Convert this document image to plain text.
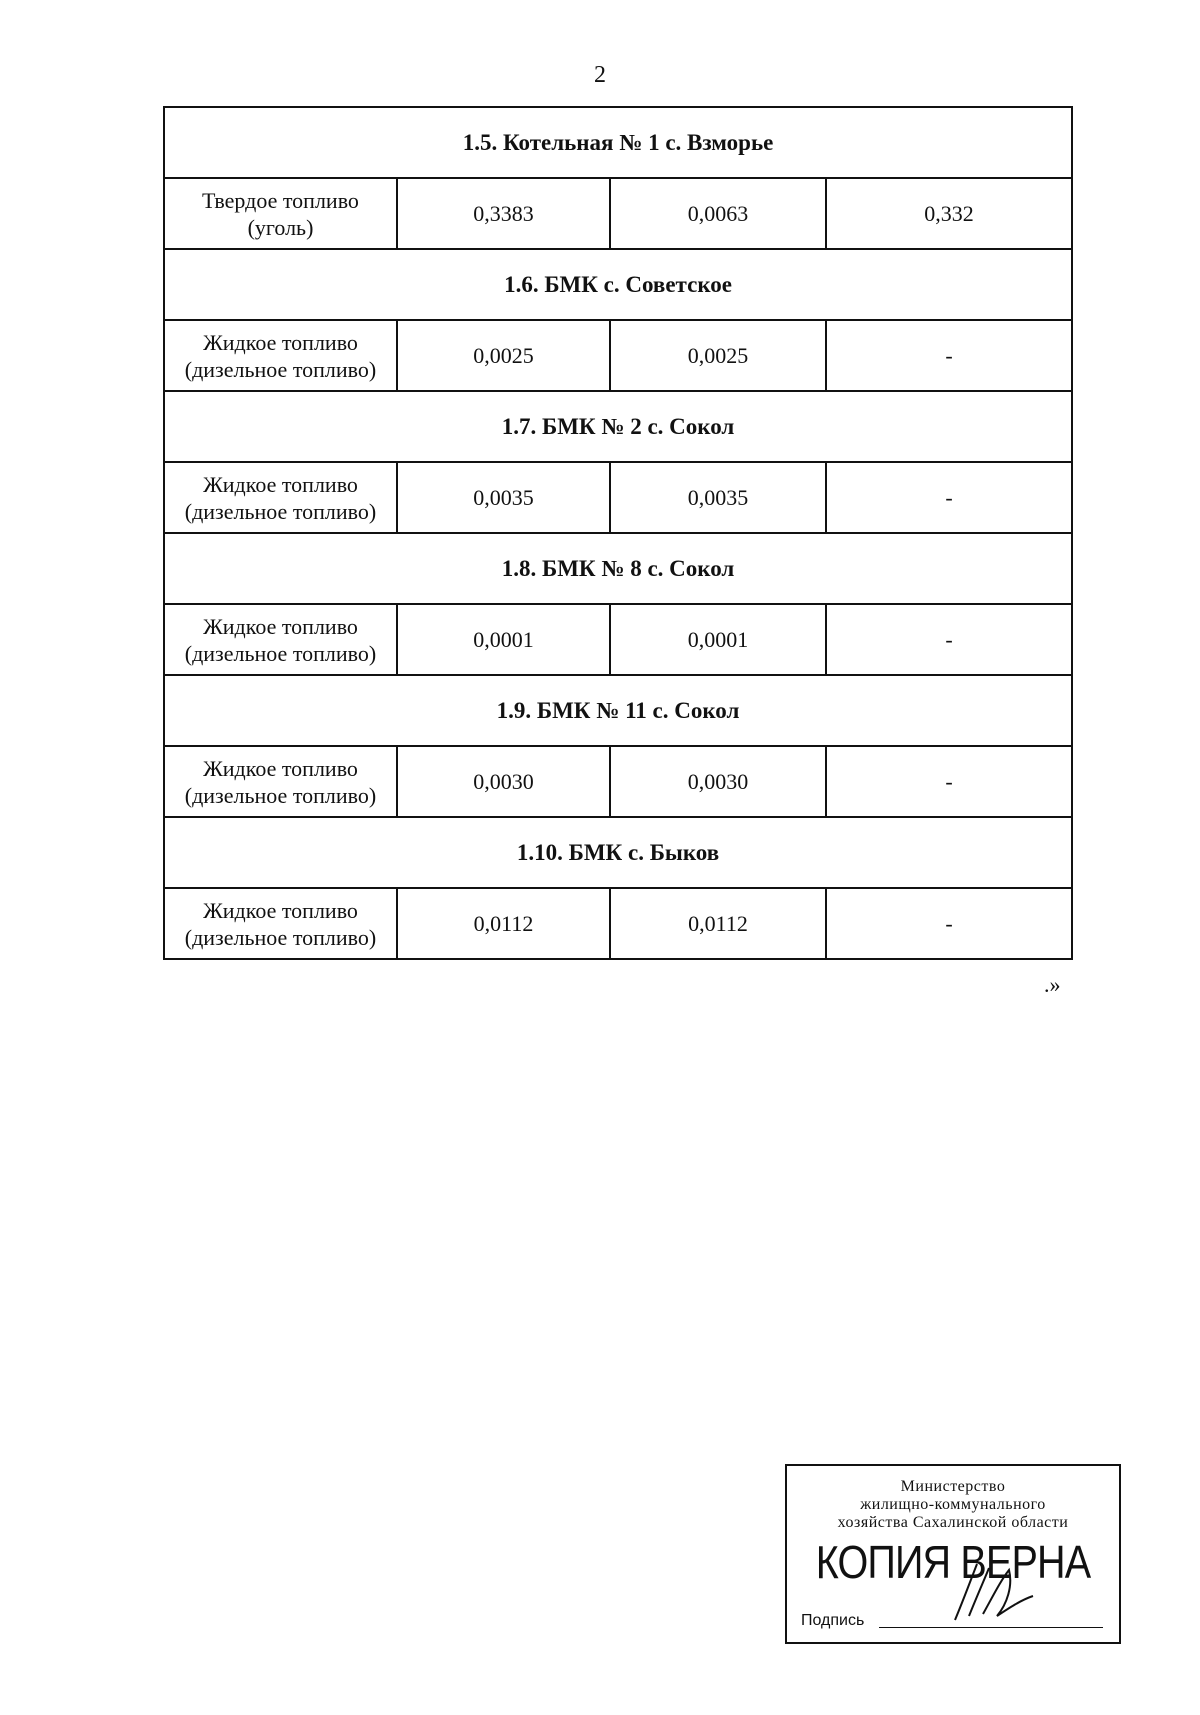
2
1.5. Котельная № 1 с. Взморье			
Твердое топливо (уголь)	0,3383	0,0063	0,332
1.6. БМК с. Советское			
Жидкое топливо (дизельное топливо)	0,0025	0,0025	-
1.7. БМК № 2 с. Сокол			
Жидкое топливо (дизельное топливо)	0,0035	0,0035	-
1.8. БМК № 8 с. Сокол			
Жидкое топливо (дизельное топливо)	0,0001	0,0001	-
1.9. БМК № 11 с. Сокол			
Жидкое топливо (дизельное топливо)	0,0030	0,0030	-
1.10. БМК с. Быков			
Жидкое топливо (дизельное топливо)	0,0112	0,0112	-
.»
Министерство
жилищно-коммунального
хозяйства Сахалинской области
КОПИЯ ВЕРНА
Подпись
